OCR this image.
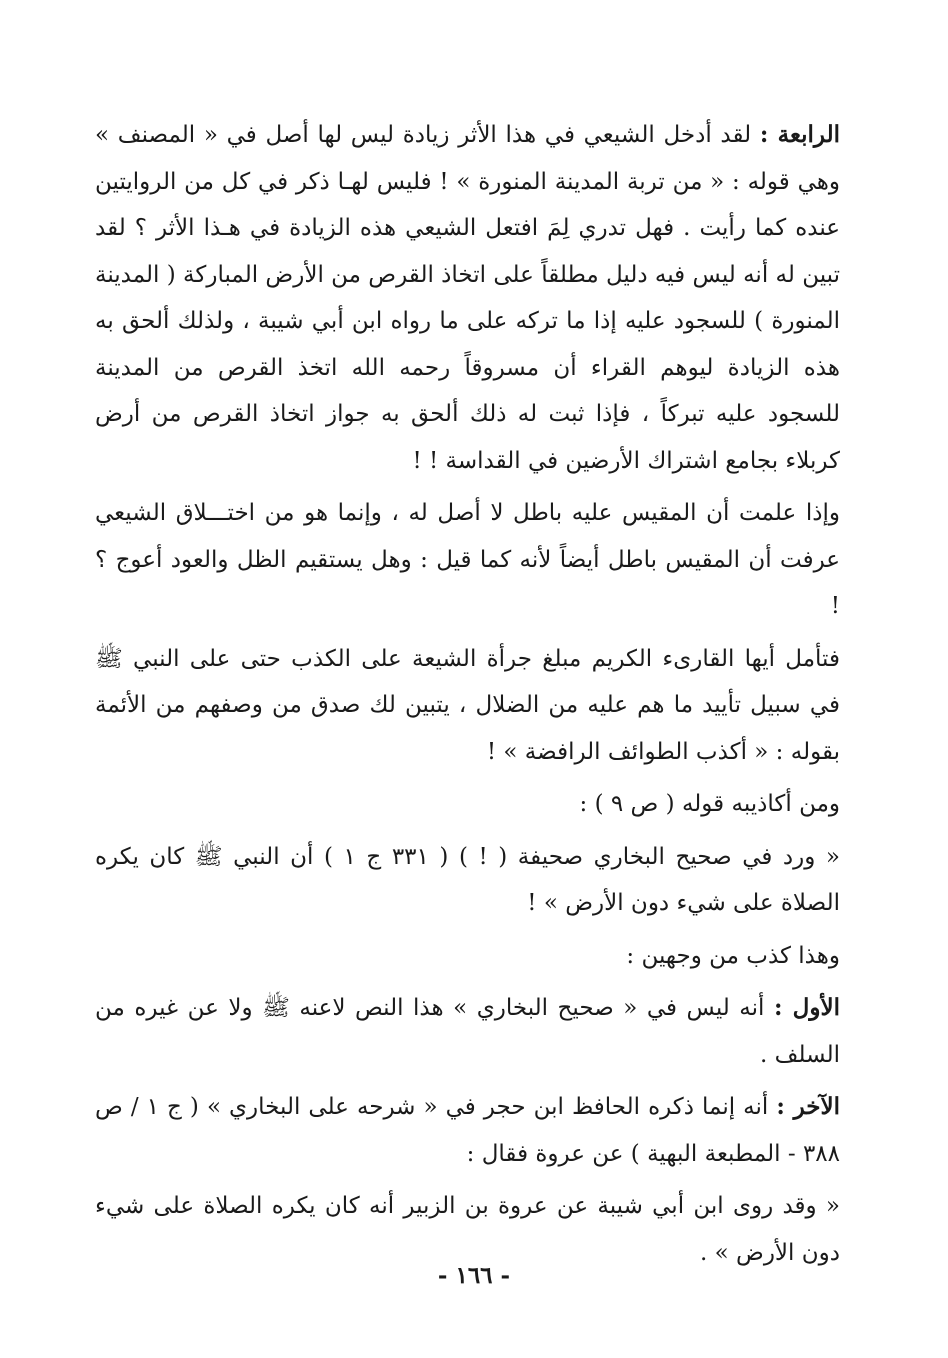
الرابعة : لقد أدخل الشيعي في هذا الأثر زيادة ليس لها أصل في « المصنف » وهي قوله : « من تربة المدينة المنورة » ! فليس لهـا ذكر في كل من الروايتين عنده كما رأيت . فهل تدري لِمَ افتعل الشيعي هذه الزيادة في هـذا الأثر ؟ لقد تبين له أنه ليس فيه دليل مطلقاً على اتخاذ القرص من الأرض المباركة ( المدينة المنورة ) للسجود عليه إذا ما تركه على ما رواه ابن أبي شيبة ، ولذلك ألحق به هذه الزيادة ليوهم القراء أن مسروقاً رحمه الله اتخذ القرص من المدينة للسجود عليه تبركاً ، فإذا ثبت له ذلك ألحق به جواز اتخاذ القرص من أرض كربلاء بجامع اشتراك الأرضين في القداسة ! !

وإذا علمت أن المقيس عليه باطل لا أصل له ، وإنما هو من اختـــلاق الشيعي عرفت أن المقيس باطل أيضاً لأنه كما قيل : وهل يستقيم الظل والعود أعوج ؟ !

فتأمل أيها القارىء الكريم مبلغ جرأة الشيعة على الكذب حتى على النبي ﷺ في سبيل تأييد ما هم عليه من الضلال ، يتبين لك صدق من وصفهم من الأئمة بقوله : « أكذب الطوائف الرافضة » !

ومن أكاذيبه قوله ( ص ٩ ) :

« ورد في صحيح البخاري صحيفة ( ! ) ( ٣٣١ ج ١ ) أن النبي ﷺ كان يكره الصلاة على شيء دون الأرض » !

وهذا كذب من وجهين :

الأول : أنه ليس في « صحيح البخاري » هذا النص لاعنه ﷺ ولا عن غيره من السلف .

الآخر : أنه إنما ذكره الحافظ ابن حجر في « شرحه على البخاري » ( ج ١ / ص ٣٨٨ - المطبعة البهية ) عن عروة فقال :

« وقد روى ابن أبي شيبة عن عروة بن الزبير أنه كان يكره الصلاة على شيء دون الأرض » .

- ١٦٦ -
